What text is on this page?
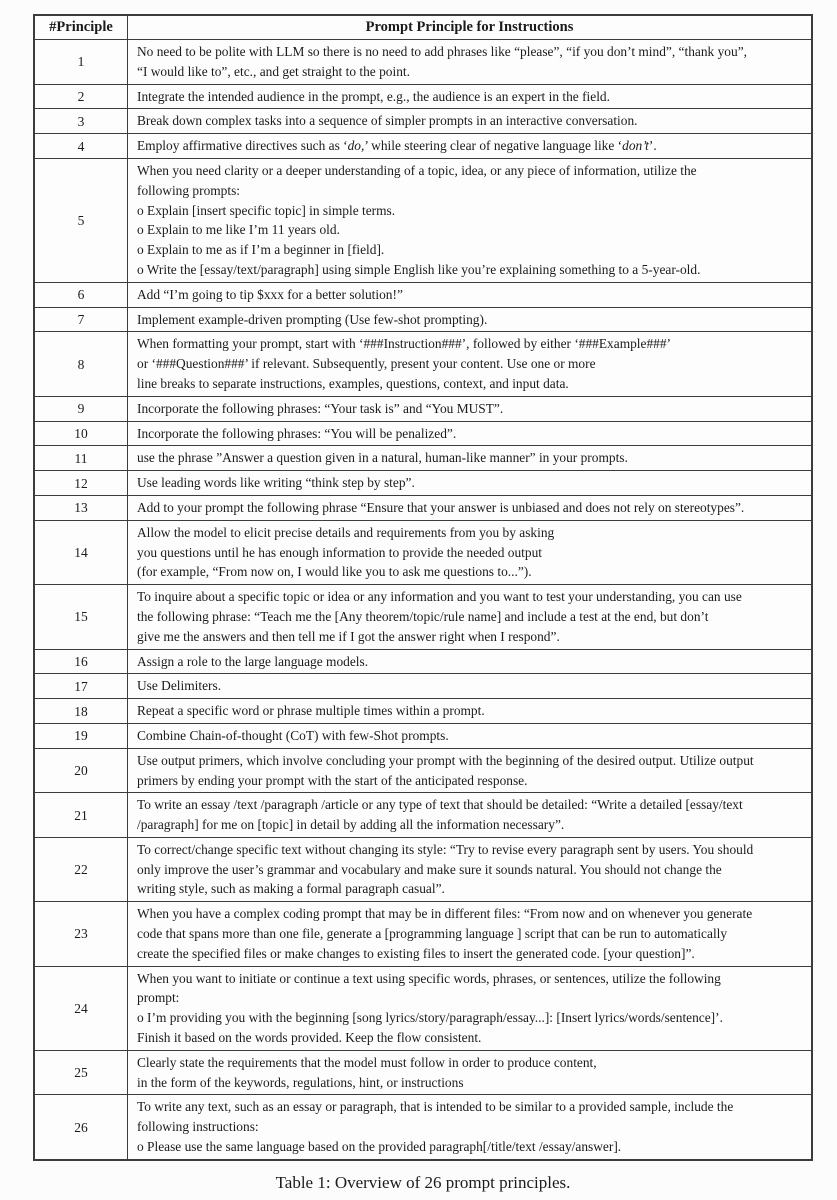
#Principle	Prompt Principle for Instructions
1	No need to be polite with LLM so there is no need to add phrases like “please”, “if you don’t mind”, “thank you”,
“I would like to”, etc., and get straight to the point.

2	Integrate the intended audience in the prompt, e.g., the audience is an expert in the field.

3	Break down complex tasks into a sequence of simpler prompts in an interactive conversation.

4	Employ affirmative directives such as ‘do,’ while steering clear of negative language like ‘don’t’.

5	
When you need clarity or a deeper understanding of a topic, idea, or any piece of information, utilize the
following prompts:
o Explain [insert specific topic] in simple terms.
o Explain to me like I’m 11 years old.
o Explain to me as if I’m a beginner in [field].
o Write the [essay/text/paragraph] using simple English like you’re explaining something to a 5-year-old.

6	Add “I’m going to tip $xxx for a better solution!”

7	Implement example-driven prompting (Use few-shot prompting).

8	When formatting your prompt, start with ‘###Instruction###’, followed by either ‘###Example###’
or ‘###Question###’ if relevant. Subsequently, present your content. Use one or more
line breaks to separate instructions, examples, questions, context, and input data.

9	Incorporate the following phrases: “Your task is” and “You MUST”.

10	Incorporate the following phrases: “You will be penalized”.

11	use the phrase ”Answer a question given in a natural, human-like manner” in your prompts.

12	Use leading words like writing “think step by step”.

13	Add to your prompt the following phrase “Ensure that your answer is unbiased and does not rely on stereotypes”.

14	Allow the model to elicit precise details and requirements from you by asking
you questions until he has enough information to provide the needed output
(for example, “From now on, I would like you to ask me questions to...”).

15	To inquire about a specific topic or idea or any information and you want to test your understanding, you can use
the following phrase: “Teach me the [Any theorem/topic/rule name] and include a test at the end, but don’t
give me the answers and then tell me if I got the answer right when I respond”.

16	Assign a role to the large language models.

17	Use Delimiters.

18	Repeat a specific word or phrase multiple times within a prompt.

19	Combine Chain-of-thought (CoT) with few-Shot prompts.

20	Use output primers, which involve concluding your prompt with the beginning of the desired output. Utilize output
primers by ending your prompt with the start of the anticipated response.

21	To write an essay /text /paragraph /article or any type of text that should be detailed: “Write a detailed [essay/text
/paragraph] for me on [topic] in detail by adding all the information necessary”.

22	To correct/change specific text without changing its style: “Try to revise every paragraph sent by users. You should
only improve the user’s grammar and vocabulary and make sure it sounds natural. You should not change the
writing style, such as making a formal paragraph casual”.

23	When you have a complex coding prompt that may be in different files: “From now and on whenever you generate
code that spans more than one file, generate a [programming language ] script that can be run to automatically
create the specified files or make changes to existing files to insert the generated code. [your question]”.

24	When you want to initiate or continue a text using specific words, phrases, or sentences, utilize the following
prompt:
o I’m providing you with the beginning [song lyrics/story/paragraph/essay...]: [Insert lyrics/words/sentence]’.
Finish it based on the words provided. Keep the flow consistent.

25	Clearly state the requirements that the model must follow in order to produce content,
in the form of the keywords, regulations, hint, or instructions

26	To write any text, such as an essay or paragraph, that is intended to be similar to a provided sample, include the
following instructions:
o Please use the same language based on the provided paragraph[/title/text /essay/answer].
Table 1: Overview of 26 prompt principles.
